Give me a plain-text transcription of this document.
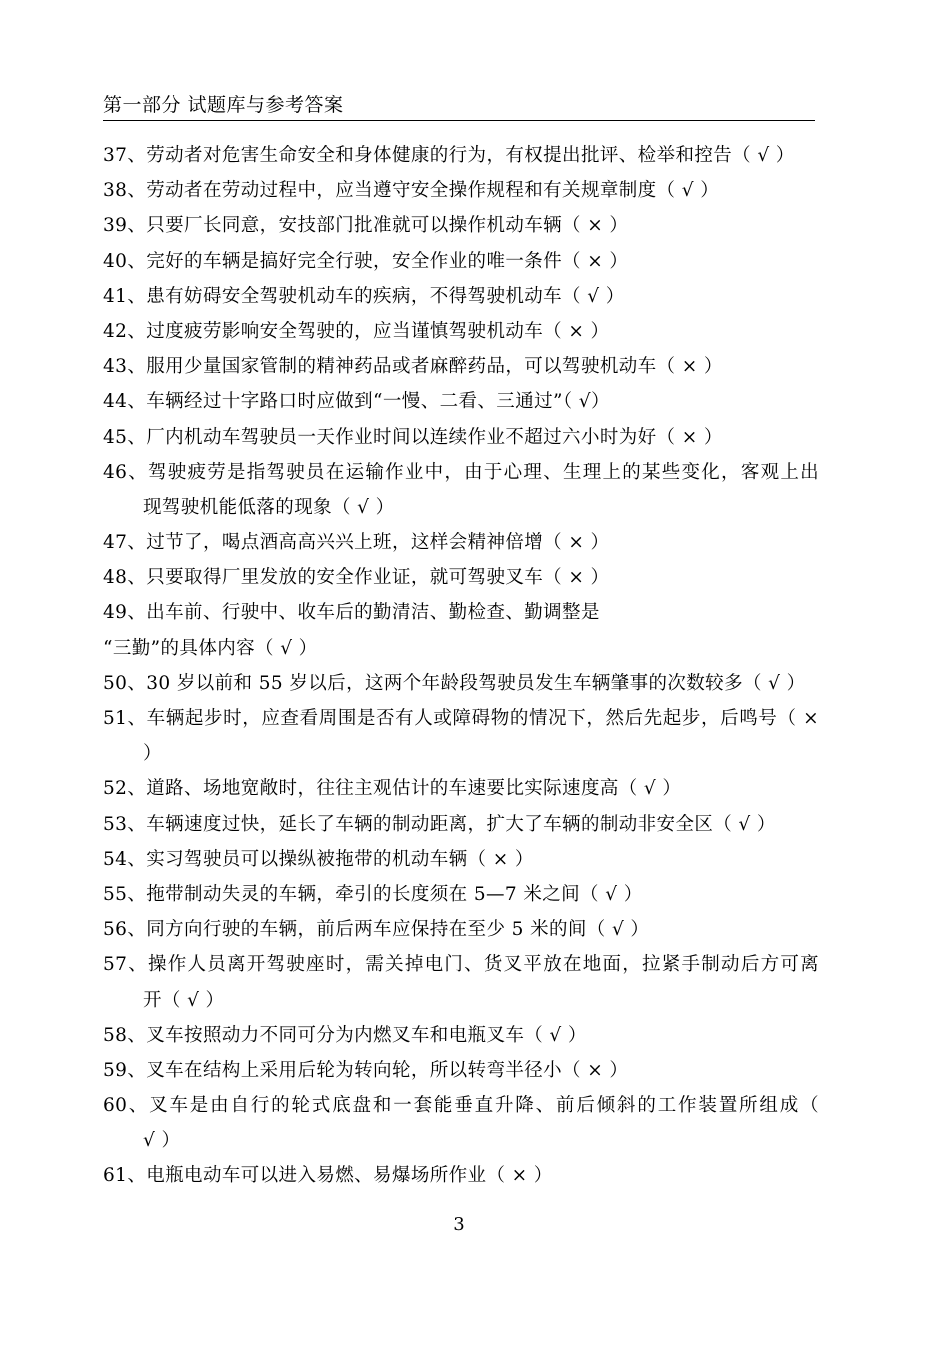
第一部分 试题库与参考答案
37、劳动者对危害生命安全和身体健康的行为，有权提出批评、检举和控告（ √ ）
38、劳动者在劳动过程中，应当遵守安全操作规程和有关规章制度（ √ ）
39、只要厂长同意，安技部门批准就可以操作机动车辆（ × ）
40、完好的车辆是搞好完全行驶，安全作业的唯一条件（ × ）
41、患有妨碍安全驾驶机动车的疾病，不得驾驶机动车（ √ ）
42、过度疲劳影响安全驾驶的，应当谨慎驾驶机动车（ × ）
43、服用少量国家管制的精神药品或者麻醉药品，可以驾驶机动车（ × ）
44、车辆经过十字路口时应做到“一慢、二看、三通过”（ √）
45、厂内机动车驾驶员一天作业时间以连续作业不超过六小时为好（ × ）
46、驾驶疲劳是指驾驶员在运输作业中，由于心理、生理上的某些变化，客观上出
现驾驶机能低落的现象（ √ ）
47、过节了，喝点酒高高兴兴上班，这样会精神倍增（ × ）
48、只要取得厂里发放的安全作业证，就可驾驶叉车（ × ）
49、出车前、行驶中、收车后的勤清洁、勤检查、勤调整是
“三勤”的具体内容（ √ ）
50、30 岁以前和 55 岁以后，这两个年龄段驾驶员发生车辆肇事的次数较多（ √ ）
51、车辆起步时，应查看周围是否有人或障碍物的情况下，然后先起步，后鸣号（ ×
）
52、道路、场地宽敞时，往往主观估计的车速要比实际速度高（ √ ）
53、车辆速度过快，延长了车辆的制动距离，扩大了车辆的制动非安全区（ √ ）
54、实习驾驶员可以操纵被拖带的机动车辆（ × ）
55、拖带制动失灵的车辆，牵引的长度须在 5—7 米之间（ √ ）
56、同方向行驶的车辆，前后两车应保持在至少 5 米的间（ √ ）
57、操作人员离开驾驶座时，需关掉电门、货叉平放在地面，拉紧手制动后方可离
开（ √ ）
58、叉车按照动力不同可分为内燃叉车和电瓶叉车（ √ ）
59、叉车在结构上采用后轮为转向轮，所以转弯半径小（ × ）
60、叉车是由自行的轮式底盘和一套能垂直升降、前后倾斜的工作装置所组成（
√ ）
61、电瓶电动车可以进入易燃、易爆场所作业（ × ）
3
